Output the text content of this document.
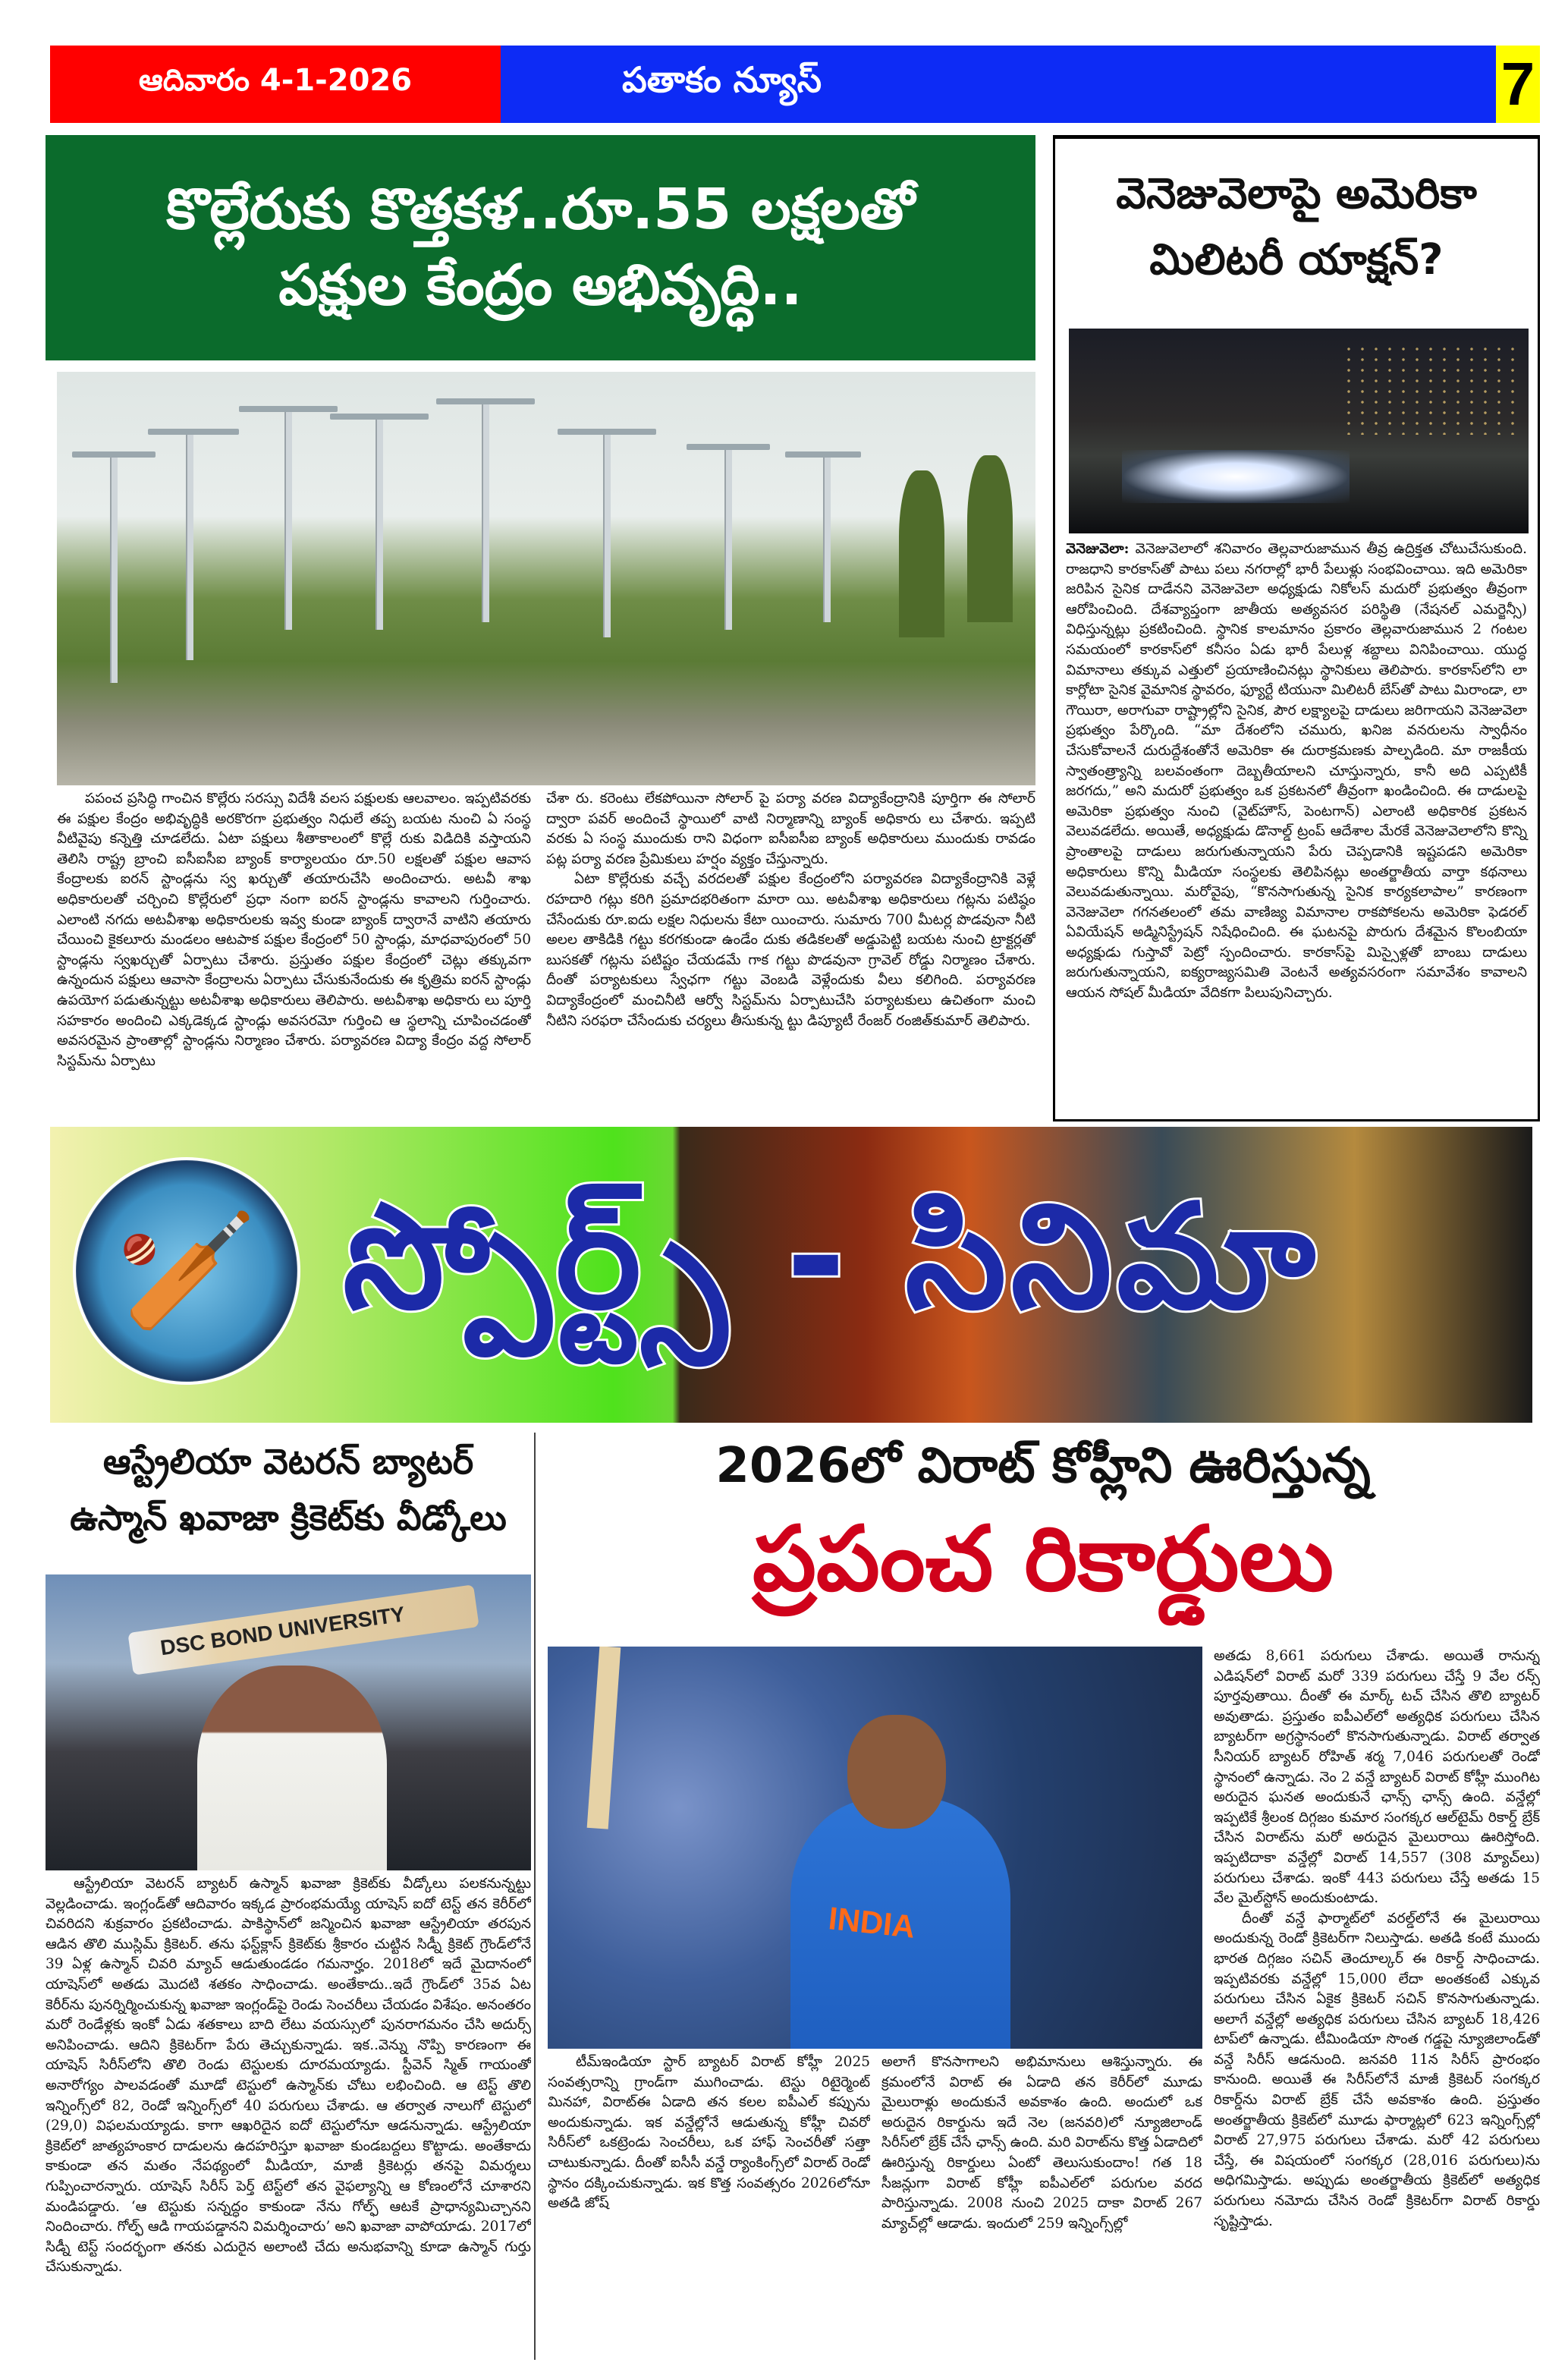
ఆదివారం 4-1-2026	పతాకం న్యూస్	7
కొల్లేరుకు కొత్తకళ..రూ.55 లక్షలతో
పక్షుల కేంద్రం అభివృద్ధి..

పపంచ ప్రసిద్ధి గాంచిన కొల్లేరు సరస్సు విదేశీ వలస పక్షులకు ఆలవాలం. ఇప్పటివరకు ఈ పక్షుల కేంద్రం అభివృద్ధికి అరకొరగా ప్రభుత్వం నిధులే తప్ప బయట నుంచి ఏ సంస్థ వీటివైపు కన్నెత్తి చూడలేదు. ఏటా పక్షులు శీతాకాలంలో కొల్లే రుకు విడిదికి వస్తాయని తెలిసి రాష్ట్ర బ్రాంచి ఐసీఐసీఐ బ్యాంక్ కార్యాలయం రూ.50 లక్షలతో పక్షుల ఆవాస కేంద్రాలకు ఐరన్ స్టాండ్లను స్వ ఖర్చుతో తయారుచేసి అందించారు. అటవీ శాఖ అధికారులతో చర్చించి కొల్లేరులో ప్రధా నంగా ఐరన్ స్టాండ్లను కావాలని గుర్తించారు. ఎలాంటి నగదు అటవీశాఖ అధికారులకు ఇవ్వ కుండా బ్యాంక్ ద్వారానే వాటిని తయారు చేయించి కైకలూరు మండలం ఆటపాక పక్షుల కేంద్రంలో 50 స్టాండ్లు, మాధవాపురంలో 50 స్టాండ్లను స్వఖర్చుతో ఏర్పాటు చేశారు. ప్రస్తుతం పక్షుల కేంద్రంలో చెట్లు తక్కువగా ఉన్నందున పక్షులు ఆవాసా కేంద్రాలను ఏర్పాటు చేసుకునేందుకు ఈ కృత్రిమ ఐరన్ స్టాండ్లు ఉపయోగ పడుతున్నట్టు అటవీశాఖ అధికారులు తెలిపారు. అటవీశాఖ అధికారు లు పూర్తి సహకారం అందించి ఎక్కడెక్కడ స్టాండ్లు అవసరమో గుర్తించి ఆ స్థలాన్ని చూపించడంతో అవసరమైన ప్రాంతాల్లో స్టాండ్లను నిర్మాణం చేశారు. పర్యావరణ విద్యా కేంద్రం వద్ద సోలార్ సిస్టమ్‌ను ఏర్పాటు

చేశా రు. కరెంటు లేకపోయినా సోలార్ పై పర్యా వరణ విద్యాకేంద్రానికి పూర్తిగా ఈ సోలార్ ద్వారా పవర్ అందించే స్థాయిలో వాటి నిర్మాణాన్ని బ్యాంక్ అధికారు లు చేశారు. ఇప్పటి వరకు ఏ సంస్థ ముందుకు రాని విధంగా ఐసీఐసీఐ బ్యాంక్ అధికారులు ముందుకు రావడం పట్ల పర్యా వరణ ప్రేమికులు హర్షం వ్యక్తం చేస్తున్నారు.

ఏటా కొల్లేరుకు వచ్చే వరదలతో పక్షుల కేంద్రంలోని పర్యావరణ విద్యాకేంద్రానికి వెళ్లే రహదారి గట్లు కరిగి ప్రమాదభరితంగా మారా యి. అటవీశాఖ అధికారులు గట్లను పటిష్ఠం చేసేందుకు రూ.ఐదు లక్షల నిధులను కేటా యించారు. సుమారు 700 మీటర్ల పొడవునా నీటి అలల తాకిడికి గట్టు కరగకుండా ఉండేం దుకు తడికలతో అడ్డుపెట్టి బయట నుంచి ట్రాక్టర్లతో బుసకతో గట్లను పటిష్టం చేయడమే గాక గట్టు పొడవునా గ్రావెల్ రోడ్డు నిర్మాణం చేశారు. దీంతో పర్యాటకులు స్వేఛగా గట్టు వెంబడి వెళ్లేందుకు వీలు కలిగింది. పర్యావరణ విద్యాకేంద్రంలో మంచినీటి ఆర్వో సిస్టమ్‌ను ఏర్పాటుచేసి పర్యాటకులు ఉచితంగా మంచి నీటిని సరఫరా చేసేందుకు చర్యలు తీసుకున్న ట్టు డిప్యూటీ రేంజర్ రంజిత్‌కుమార్ తెలిపారు.

వెనెజువెలాపై అమెరికా
మిలిటరీ యాక్షన్?
వెనెజువెలా: వెనెజువెలాలో శనివారం తెల్లవారుజామున తీవ్ర ఉద్రిక్తత చోటుచేసుకుంది. రాజధాని కారకాస్‌తో పాటు పలు నగరాల్లో భారీ పేలుళ్లు సంభవించాయి. ఇది అమెరికా జరిపిన సైనిక దాడేనని వెనెజువెలా అధ్యక్షుడు నికోలస్ మదురో ప్రభుత్వం తీవ్రంగా ఆరోపించింది. దేశవ్యాప్తంగా జాతీయ అత్యవసర పరిస్థితి (నేషనల్ ఎమర్జెన్సీ) విధిస్తున్నట్లు ప్రకటించింది. స్థానిక కాలమానం ప్రకారం తెల్లవారుజామున 2 గంటల సమయంలో కారకాస్‌లో కనీసం ఏడు భారీ పేలుళ్ల శబ్దాలు వినిపించాయి. యుద్ధ విమానాలు తక్కువ ఎత్తులో ప్రయాణించినట్లు స్థానికులు తెలిపారు. కారకాస్‌లోని లా కార్లోటా సైనిక వైమానిక స్థావరం, ఫ్యూర్టే టియునా మిలిటరీ బేస్‌తో పాటు మిరాండా, లా గౌయిరా, అరాగువా రాష్ట్రాల్లోని సైనిక, పౌర లక్ష్యాలపై దాడులు జరిగాయని వెనెజువెలా ప్రభుత్వం పేర్కొంది. “మా దేశంలోని చమురు, ఖనిజ వనరులను స్వాధీనం చేసుకోవాలనే దురుద్దేశంతోనే అమెరికా ఈ దురాక్రమణకు పాల్పడింది. మా రాజకీయ స్వాతంత్ర్యాన్ని బలవంతంగా దెబ్బతీయాలని చూస్తున్నారు, కానీ అది ఎప్పటికీ జరగదు,” అని మదురో ప్రభుత్వం ఒక ప్రకటనలో తీవ్రంగా ఖండించింది. ఈ దాడులపై అమెరికా ప్రభుత్వం నుంచి (వైట్‌హౌస్, పెంటగాన్) ఎలాంటి అధికారిక ప్రకటన వెలువడలేదు. అయితే, అధ్యక్షుడు డొనాల్డ్ ట్రంప్ ఆదేశాల మేరకే వెనెజువెలాలోని కొన్ని ప్రాంతాలపై దాడులు జరుగుతున్నాయని పేరు చెప్పడానికి ఇష్టపడని అమెరికా అధికారులు కొన్ని మీడియా సంస్థలకు తెలిపినట్లు అంతర్జాతీయ వార్తా కథనాలు వెలువడుతున్నాయి. మరోవైపు, “కొనసాగుతున్న సైనిక కార్యకలాపాల” కారణంగా వెనెజువెలా గగనతలంలో తమ వాణిజ్య విమానాల రాకపోకలను అమెరికా ఫెడరల్ ఏవియేషన్ అడ్మినిస్ట్రేషన్ నిషేధించింది. ఈ ఘటనపై పొరుగు దేశమైన కొలంబియా అధ్యక్షుడు గుస్తావో పెట్రో స్పందించారు. కారకాస్‌పై మిస్సైళ్లతో బాంబు దాడులు జరుగుతున్నాయని, ఐక్యరాజ్యసమితి వెంటనే అత్యవసరంగా సమావేశం కావాలని ఆయన సోషల్ మీడియా వేదికగా పిలుపునిచ్చారు.
🏏 స్పోర్ట్స్ - సినిమా
ఆస్ట్రేలియా వెటరన్ బ్యాటర్
ఉస్మాన్ ఖవాజా క్రికెట్‌కు వీడ్కోలు
DSC BOND UNIVERSITY

ఆస్ట్రేలియా వెటరన్ బ్యాటర్ ఉస్మాన్ ఖవాజా క్రికెట్‌కు వీడ్కోలు పలకనున్నట్టు వెల్లడించాడు. ఇంగ్లండ్‌తో ఆదివారం ఇక్కడ ప్రారంభమయ్యే యాషెస్ ఐదో టెస్ట్ తన కెరీర్‌లో చివరిదని శుక్రవారం ప్రకటించాడు. పాకిస్థాన్‌లో జన్మించిన ఖవాజా ఆస్ట్రేలియా తరపున ఆడిన తొలి ముస్లిమ్ క్రికెటర్. తను ఫస్ట్‌క్లాస్ క్రికెట్‌కు శ్రీకారం చుట్టిన సిడ్నీ క్రికెట్ గ్రౌండ్‌లోనే 39 ఏళ్ల ఉస్మాన్ చివరి మ్యాచ్ ఆడుతుండడం గమనార్హం. 2018లో ఇదే మైదానంలో యాషెస్‌లో అతడు మొదటి శతకం సాధించాడు. అంతేకాదు..ఇదే గ్రౌండ్‌లో 35వ ఏట కెరీర్‌ను పునర్నిర్మించుకున్న ఖవాజా ఇంగ్లండ్‌పై రెండు సెంచరీలు చేయడం విశేషం. అనంతరం మరో రెండేళ్లకు ఇంకో ఏడు శతకాలు బాది లేటు వయస్సులో పునరాగమనం చేసి అదుర్స్ అనిపించాడు. ఆదిని క్రికెటర్‌గా పేరు తెచ్చుకున్నాడు. ఇక..వెన్ను నొప్పి కారణంగా ఈ యాషెస్ సిరీస్‌లోని తొలి రెండు టెస్టులకు దూరమయ్యాడు. స్టీవెన్ స్మిత్ గాయంతో అనారోగ్యం పాలవడంతో మూడో టెస్టులో ఉస్మాన్‌కు చోటు లభించింది. ఆ టెస్ట్ తొలి ఇన్నింగ్స్‌లో 82, రెండో ఇన్నింగ్స్‌లో 40 పరుగులు చేశాడు. ఆ తర్వాత నాలుగో టెస్టులో (29,0) విఫలమయ్యాడు. కాగా ఆఖరిదైన ఐదో టెస్టులోనూ ఆడనున్నాడు. ఆస్ట్రేలియా క్రికెట్‌లో జాత్యహంకార దాడులను ఉదహరిస్తూ ఖవాజా కుండబద్దలు కొట్టాడు. అంతేకాదు కాకుండా తన మతం నేపథ్యంలో మీడియా, మాజీ క్రికెటర్లు తనపై విమర్శలు గుప్పించారన్నారు. యాషెస్ సిరీస్ పెర్త్ టెస్ట్‌లో తన వైఫల్యాన్ని ఆ కోణంలోనే చూశారని మండిపడ్డారు. ‘ఆ టెస్టుకు సన్నద్ధం కాకుండా నేను గోల్ఫ్ ఆటకే ప్రాధాన్యమిచ్చానని నిందించారు. గోల్ఫ్ ఆడి గాయపడ్డానని విమర్శించారు’ అని ఖవాజా వాపోయాడు. 2017లో సిడ్నీ టెస్ట్ సందర్భంగా తనకు ఎదురైన అలాంటి చేదు అనుభవాన్ని కూడా ఉస్మాన్ గుర్తు చేసుకున్నాడు.

2026లో విరాట్ కోహ్లీని ఊరిస్తున్న
ప్రపంచ రికార్డులు
INDIA

టీమ్‌ఇండియా స్టార్ బ్యాటర్ విరాట్ కోహ్లీ 2025 సంవత్సరాన్ని గ్రాండ్‌గా ముగించాడు. టెస్టు రిటైర్మెంట్ మినహా, విరాట్‌ఈ ఏడాది తన కలల ఐపీఎల్ కప్పును అందుకున్నాడు. ఇక వన్డేల్లోనే ఆడుతున్న కోహ్లీ చివరో సిరీస్‌లో ఒకట్రెండు సెంచరీలు, ఒక హాఫ్ సెంచరీతో సత్తా చాటుకున్నాడు. దీంతో ఐసీసీ వన్డే ర్యాంకింగ్స్‌లో విరాట్ రెండో స్థానం దక్కించుకున్నాడు. ఇక కొత్త సంవత్సరం 2026లోనూ అతడి జోష్

అలాగే కొనసాగాలని అభిమానులు ఆశిస్తున్నారు. ఈ క్రమంలోనే విరాట్ ఈ ఏడాది తన కెరీర్‌లో మూడు మైలురాళ్లు అందుకునే అవకాశం ఉంది. అందులో ఒక అరుదైన రికార్డును ఇదే నెల (జనవరి)లో న్యూజిలాండ్ సిరీస్‌లో బ్రేక్ చేసే ఛాన్స్ ఉంది. మరి విరాట్‌ను కొత్త ఏడాదిలో ఊరిస్తున్న రికార్డులు ఏంటో తెలుసుకుందాం! గత 18 సీజన్లుగా విరాట్ కోహ్లీ ఐపీఎల్‌లో పరుగుల వరద పారిస్తున్నాడు. 2008 నుంచి 2025 దాకా విరాట్ 267 మ్యాచ్‌ల్లో ఆడాడు. ఇందులో 259 ఇన్నింగ్స్‌ల్లో

అతడు 8,661 పరుగులు చేశాడు. అయితే రానున్న ఎడిషన్‌లో విరాట్ మరో 339 పరుగులు చేస్తే 9 వేల రన్స్ పూర్తవుతాయి. దీంతో ఈ మార్క్ టచ్ చేసిన తొలి బ్యాటర్ అవుతాడు. ప్రస్తుతం ఐపీఎల్‌లో అత్యధిక పరుగులు చేసిన బ్యాటర్‌గా అగ్రస్థానంలో కొనసాగుతున్నాడు. విరాట్ తర్వాత సీనియర్ బ్యాటర్ రోహిత్ శర్మ 7,046 పరుగులతో రెండో స్థానంలో ఉన్నాడు. నెం 2 వన్డే బ్యాటర్ విరాట్ కోహ్లీ ముంగిట అరుదైన ఘనత అందుకునే ఛాన్స్ ఛాన్స్ ఉంది. వన్డేల్లో ఇప్పటికే శ్రీలంక దిగ్గజం కుమార సంగక్కర ఆల్‌టైమ్ రికార్డ్ బ్రేక్ చేసిన విరాట్‌ను మరో అరుదైన మైలురాయి ఊరిస్తోంది. ఇప్పటిదాకా వన్డేల్లో విరాట్ 14,557 (308 మ్యాచ్‌లు) పరుగులు చేశాడు. ఇంకో 443 పరుగులు చేస్తే అతడు 15 వేల మైల్‌స్టోన్ అందుకుంటాడు.

దీంతో వన్డే ఫార్మాట్‌లో వరల్డ్‌లోనే ఈ మైలురాయి అందుకున్న రెండో క్రికెటర్‌గా నిలుస్తాడు. అతడి కంటే ముందు భారత దిగ్గజం సచిన్ తెందూల్కర్ ఈ రికార్డ్ సాధించాడు. ఇప్పటివరకు వన్డేల్లో 15,000 లేదా అంతకంటే ఎక్కువ పరుగులు చేసిన ఏకైక క్రికెటర్ సచిన్ కొనసాగుతున్నాడు. అలాగే వన్డేల్లో అత్యధిక పరుగులు చేసిన బ్యాటర్ 18,426 టాప్‌లో ఉన్నాడు. టీమిండియా సొంత గడ్డపై న్యూజిలాండ్‌తో వన్డే సిరీస్ ఆడనుంది. జనవరి 11న సిరీస్ ప్రారంభం కానుంది. అయితే ఈ సిరీస్‌లోనే మాజీ క్రికెటర్ సంగక్కర రికార్డ్‌ను విరాట్ బ్రేక్ చేసే అవకాశం ఉంది. ప్రస్తుతం అంతర్జాతీయ క్రికెట్‌లో మూడు ఫార్మాట్లలో 623 ఇన్నింగ్స్‌ల్లో విరాట్ 27,975 పరుగులు చేశాడు. మరో 42 పరుగులు చేస్తే, ఈ విషయంలో సంగక్కర (28,016 పరుగులు)ను అధిగమిస్తాడు. అప్పుడు అంతర్జాతీయ క్రికెట్‌లో అత్యధిక పరుగులు నమోదు చేసిన రెండో క్రికెటర్‌గా విరాట్ రికార్డు సృష్టిస్తాడు.
